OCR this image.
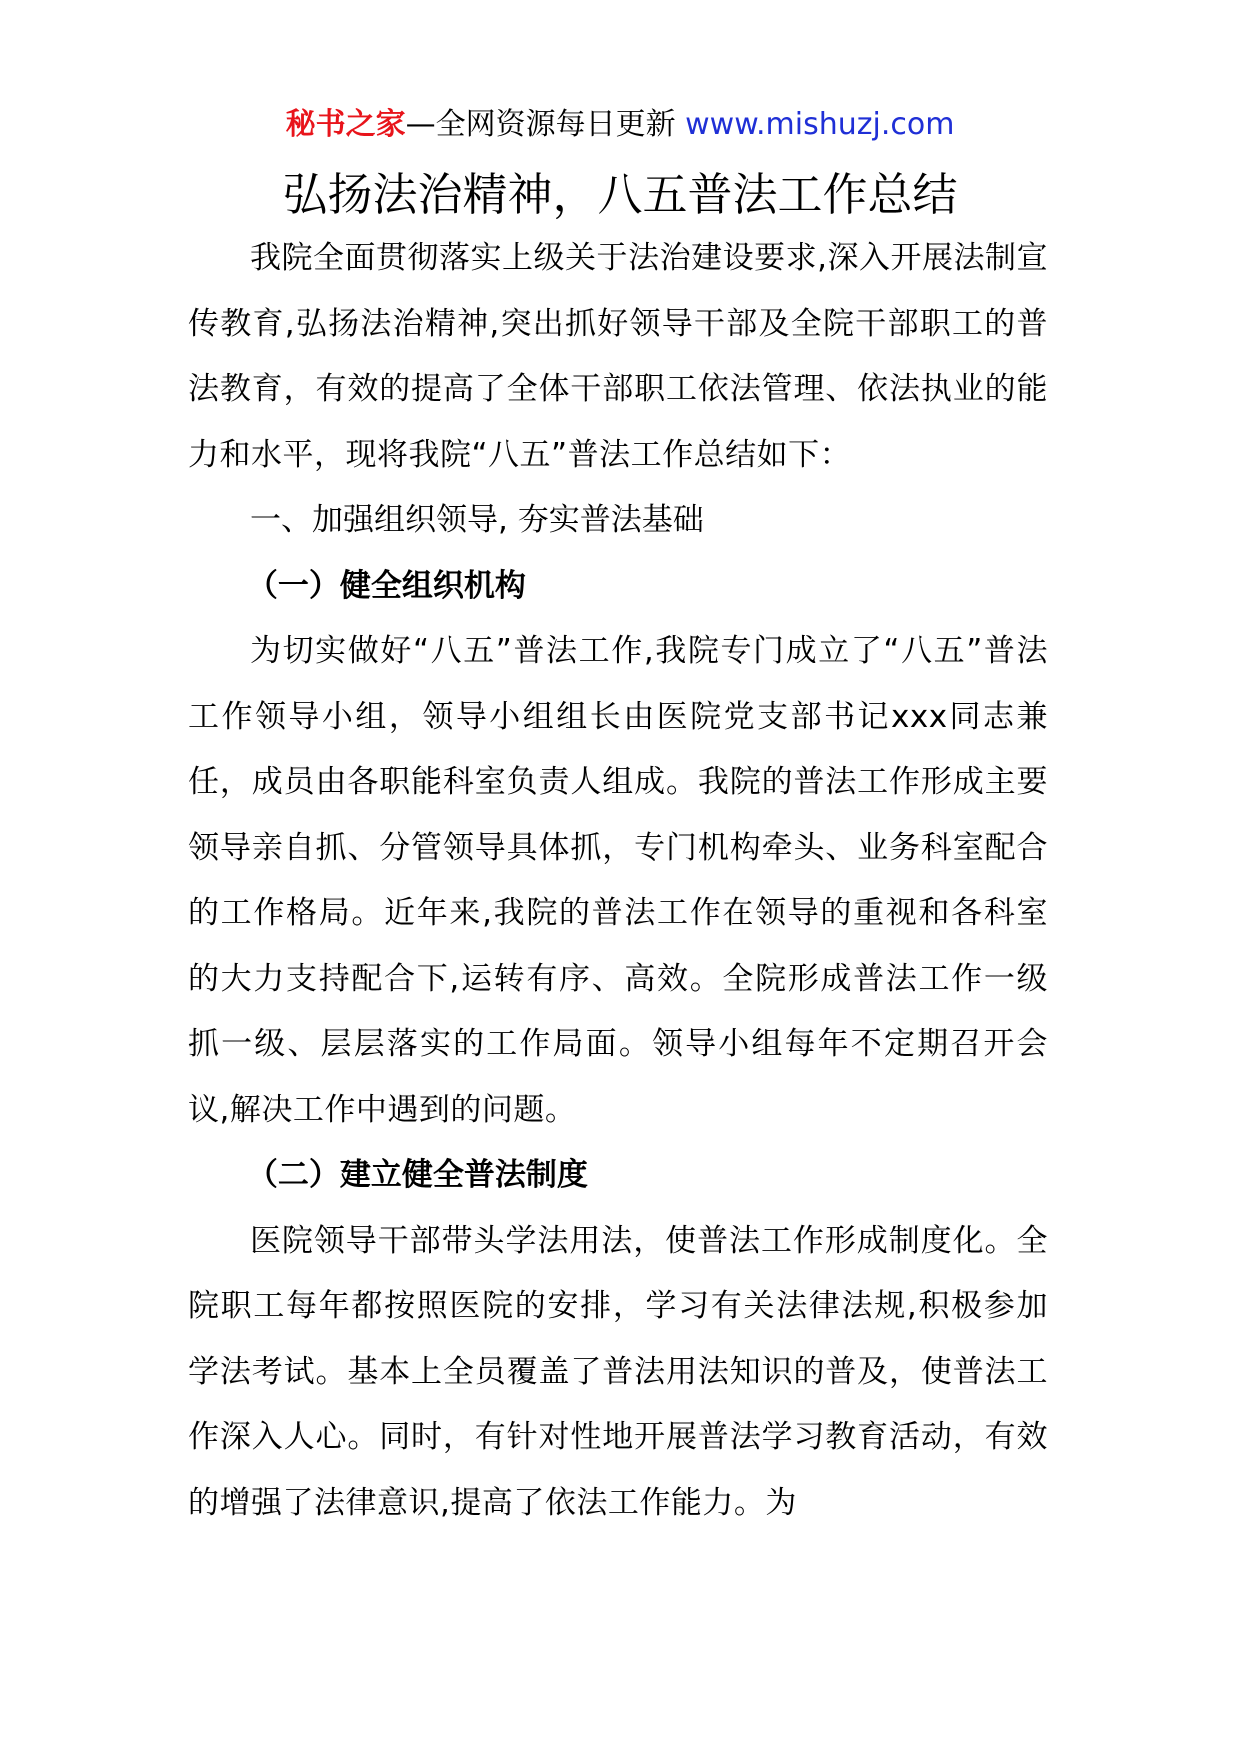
秘书之家—全网资源每日更新 www.mishuzj.com
弘扬法治精神，八五普法工作总结

我院全面贯彻落实上级关于法治建设要求,深入开展法制宣传教育,弘扬法治精神,突出抓好领导干部及全院干部职工的普法教育，有效的提高了全体干部职工依法管理、依法执业的能力和水平，现将我院“八五”普法工作总结如下：

一、加强组织领导, 夯实普法基础

（一）健全组织机构

为切实做好“八五”普法工作,我院专门成立了“八五”普法工作领导小组，领导小组组长由医院党支部书记xxx同志兼任，成员由各职能科室负责人组成。我院的普法工作形成主要领导亲自抓、分管领导具体抓，专门机构牵头、业务科室配合的工作格局。近年来,我院的普法工作在领导的重视和各科室的大力支持配合下,运转有序、高效。全院形成普法工作一级抓一级、层层落实的工作局面。领导小组每年不定期召开会议,解决工作中遇到的问题。

（二）建立健全普法制度

医院领导干部带头学法用法，使普法工作形成制度化。全院职工每年都按照医院的安排，学习有关法律法规,积极参加学法考试。基本上全员覆盖了普法用法知识的普及，使普法工作深入人心。同时，有针对性地开展普法学习教育活动，有效的增强了法律意识,提高了依法工作能力。为
